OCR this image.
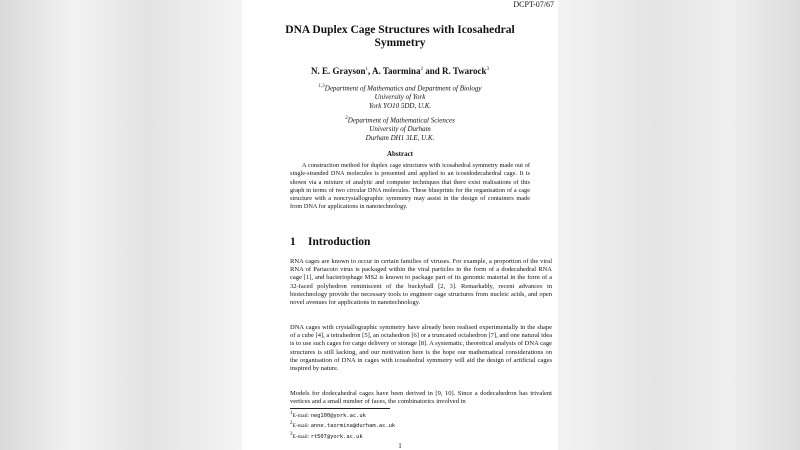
DCPT-07/67
DNA Duplex Cage Structures with Icosahedral
Symmetry
N. E. Grayson$^1$, A. Taormina$^2$ and R. Twarock$^3$
$^{1,3}$Department of Mathematics and Department of Biology
University of York
York YO10 5DD, U.K.
$^2$Department of Mathematical Sciences
University of Durham
Durham DH1 3LE, U.K.
Abstract
A construction method for duplex cage structures with icosahedral symmetry made out of single-stranded DNA molecules is presented and applied to an icosidodecahedral cage. It is shown via a mixture of analytic and computer techniques that there exist realisations of this graph in terms of two circular DNA molecules. These blueprints for the organisation of a cage structure with a noncrystallographic symmetry may assist in the design of containers made from DNA for applications in nanotechnology.
1 Introduction

RNA cages are known to occur in certain families of viruses. For example, a proportion of the viral RNA of Pariacoto virus is packaged within the viral particles in the form of a dodecahedral RNA cage [1], and bacteriophage MS2 is known to package part of its genomic material in the form of a 32-faced polyhedron reminiscent of the buckyball [2, 3]. Remarkably, recent advances in biotechnology provide the necessary tools to engineer cage structures from nucleic acids, and open novel avenues for applications in nanotechnology.

DNA cages with crystallographic symmetry have already been realised experimentally in the shape of a cube [4], a tetrahedron [5], an octahedron [6] or a truncated octahedron [7], and one natural idea is to use such cages for cargo delivery or storage [8]. A systematic, theoretical analysis of DNA cage structures is still lacking, and our motivation here is the hope our mathematical considerations on the organisation of DNA in cages with icosahedral symmetry will aid the design of artificial cages inspired by nature.

Models for dodecahedral cages have been derived in [9, 10]. Since a dodecahedron has trivalent vertices and a small number of faces, the combinatorics involved in

$^1$E-mail: neg100@york.ac.uk
$^2$E-mail: anne.taormina@durham.ac.uk
$^3$E-mail: rt507@york.ac.uk
1
